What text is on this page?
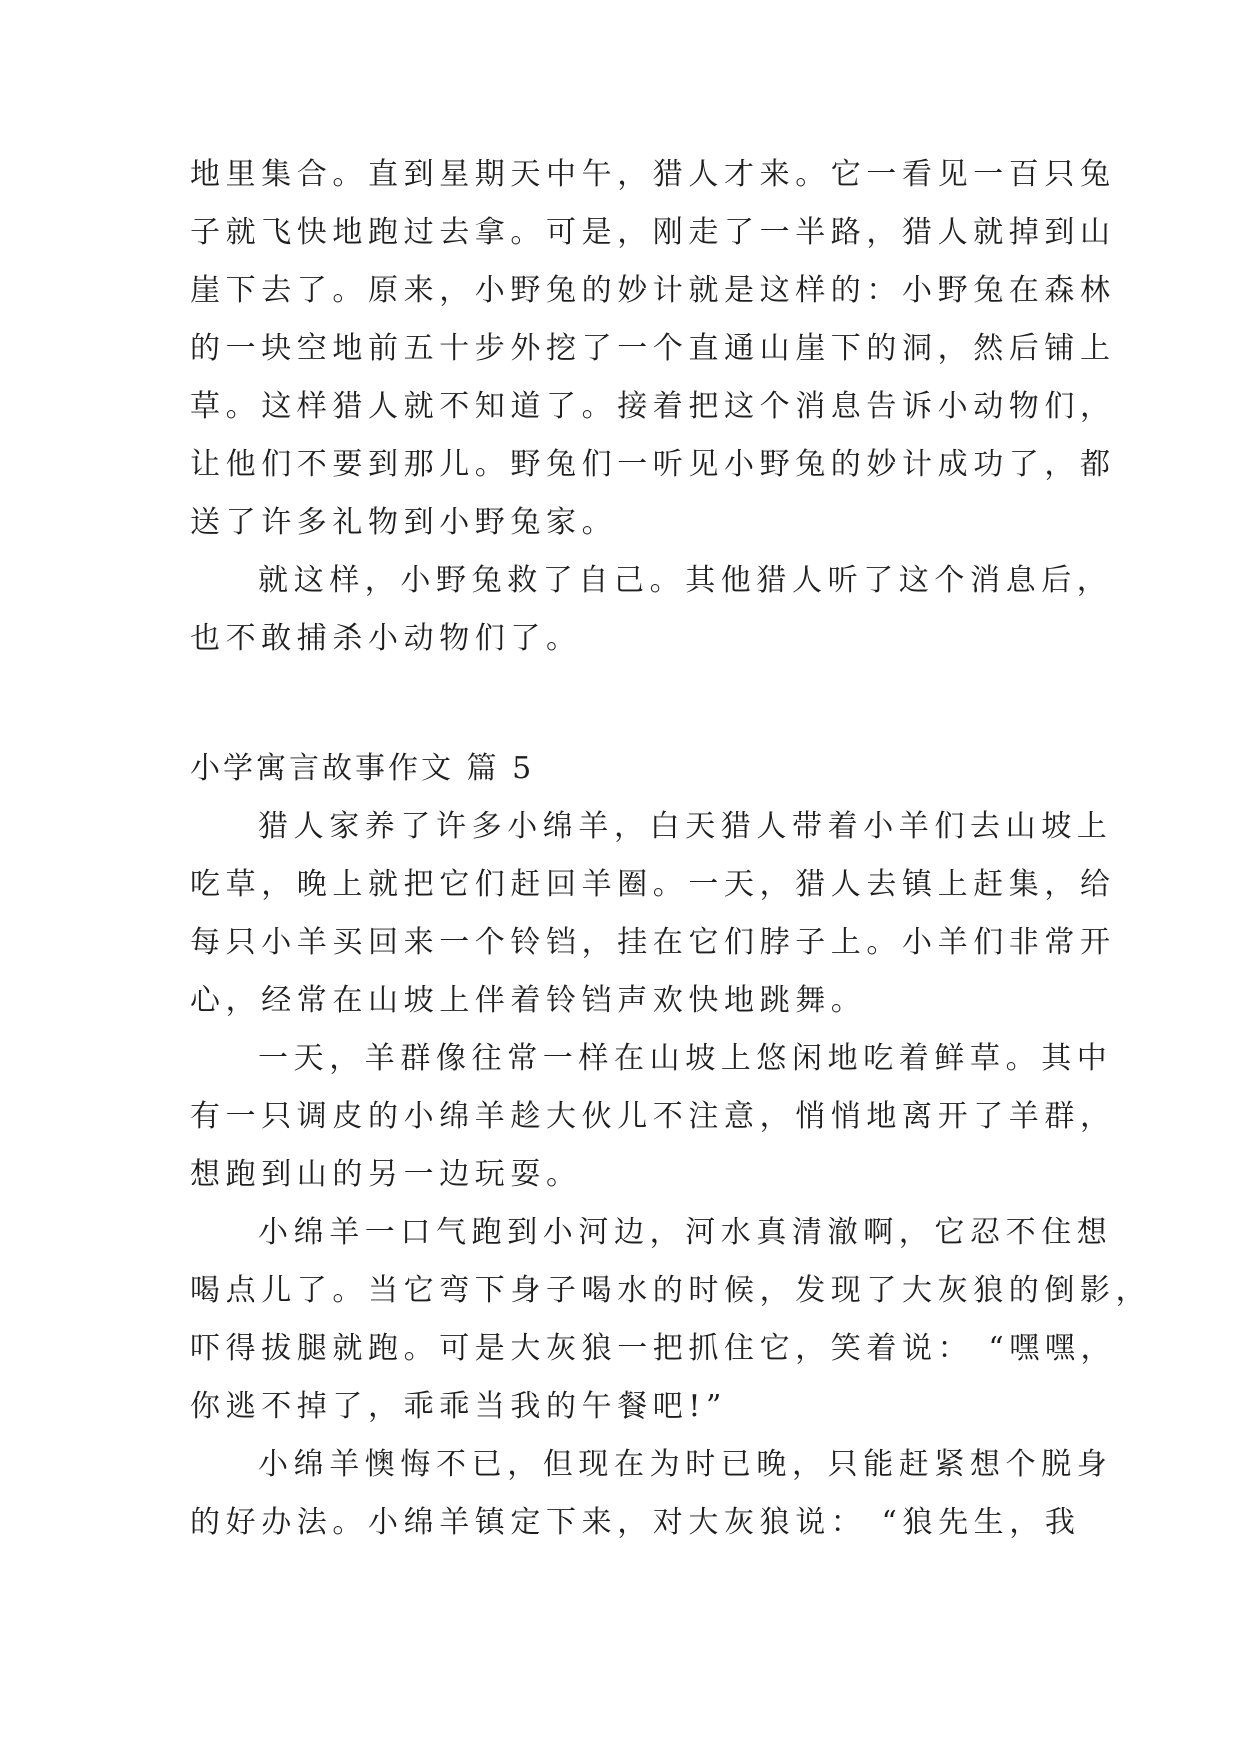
地里集合。直到星期天中午，猎人才来。它一看见一百只兔
子就飞快地跑过去拿。可是，刚走了一半路，猎人就掉到山
崖下去了。原来，小野兔的妙计就是这样的：小野兔在森林
的一块空地前五十步外挖了一个直通山崖下的洞，然后铺上
草。这样猎人就不知道了。接着把这个消息告诉小动物们，
让他们不要到那儿。野兔们一听见小野兔的妙计成功了，都
送了许多礼物到小野兔家。
就这样，小野兔救了自己。其他猎人听了这个消息后，
也不敢捕杀小动物们了。
小学寓言故事作文 篇 5
猎人家养了许多小绵羊，白天猎人带着小羊们去山坡上
吃草，晚上就把它们赶回羊圈。一天，猎人去镇上赶集，给
每只小羊买回来一个铃铛，挂在它们脖子上。小羊们非常开
心，经常在山坡上伴着铃铛声欢快地跳舞。
一天，羊群像往常一样在山坡上悠闲地吃着鲜草。其中
有一只调皮的小绵羊趁大伙儿不注意，悄悄地离开了羊群，
想跑到山的另一边玩耍。
小绵羊一口气跑到小河边，河水真清澈啊，它忍不住想
喝点儿了。当它弯下身子喝水的时候，发现了大灰狼的倒影，
吓得拔腿就跑。可是大灰狼一把抓住它，笑着说： “嘿嘿，
你逃不掉了，乖乖当我的午餐吧!”
小绵羊懊悔不已，但现在为时已晚，只能赶紧想个脱身
的好办法。小绵羊镇定下来，对大灰狼说： “狼先生，我
